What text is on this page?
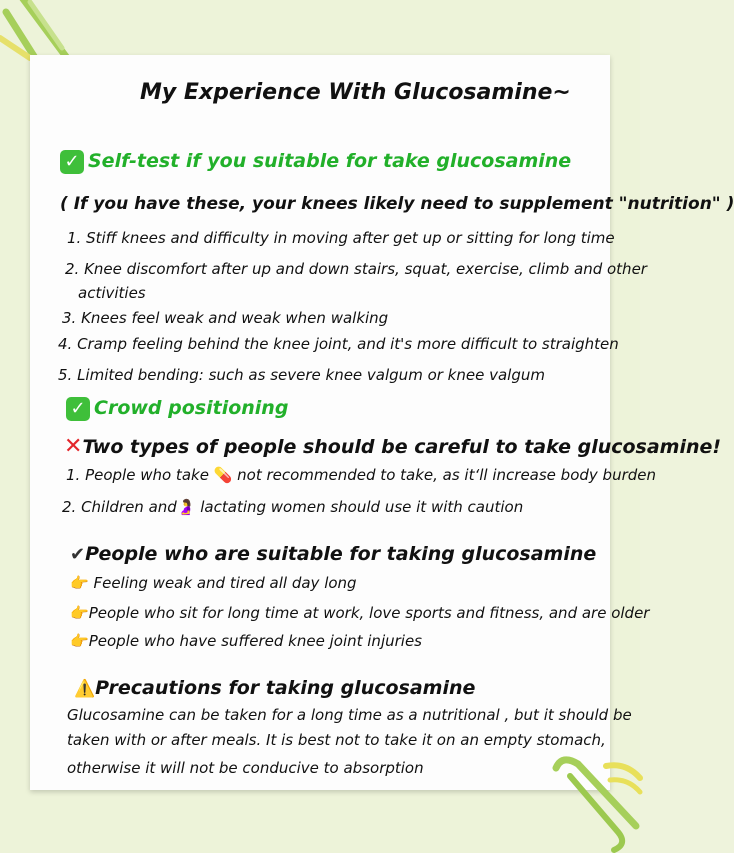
My Experience With Glucosamine~

✓ Self-test if you suitable for take glucosamine

( If you have these, your knees likely need to supplement "nutrition" )

1. Stiff knees and difficulty in moving after get up or sitting for long time

2. Knee discomfort after up and down stairs, squat, exercise, climb and other

activities

3. Knees feel weak and weak when walking

4. Cramp feeling behind the knee joint, and it's more difficult to straighten

5. Limited bending: such as severe knee valgum or knee valgum

✓ Crowd positioning
✕Two types of people should be careful to take glucosamine!
1. People who take 💊 not recommended to take, as it‘ll increase body burden
2. Children and🤰 lactating women should use it with caution
✔People who are suitable for taking glucosamine
👉 Feeling weak and tired all day long
👉People who sit for long time at work, love sports and fitness, and are older
👉People who have suffered knee joint injuries
⚠️Precautions for taking glucosamine

Glucosamine can be taken for a long time as a nutritional , but it should be

taken with or after meals. It is best not to take it on an empty stomach,

otherwise it will not be conducive to absorption
